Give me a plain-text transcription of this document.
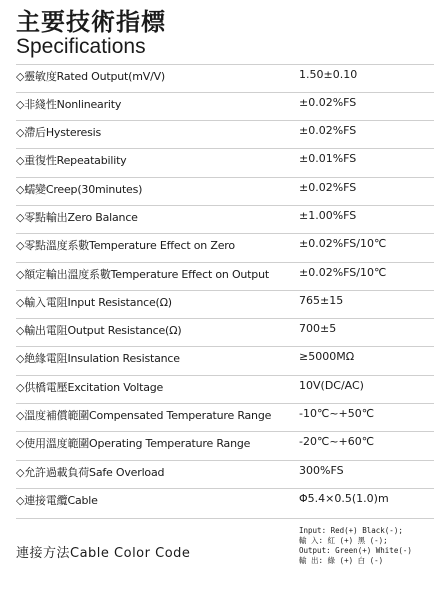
主要技術指標
Specifications
◇靈敏度Rated Output(mV/V)	1.50±0.10
◇非綫性Nonlinearity	±0.02%FS
◇滯后Hysteresis	±0.02%FS
◇重復性Repeatability	±0.01%FS
◇蠕變Creep(30minutes)	±0.02%FS
◇零點輸出Zero Balance	±1.00%FS
◇零點溫度系數Temperature Effect on Zero	±0.02%FS/10℃
◇額定輸出溫度系數Temperature Effect on Output	±0.02%FS/10℃
◇輸入電阻Input Resistance(Ω)	765±15
◇輸出電阻Output Resistance(Ω)	700±5
◇絶緣電阻Insulation Resistance	≥5000MΩ
◇供橋電壓Excitation Voltage	10V(DC/AC)
◇溫度補償範圍Compensated Temperature Range	-10℃~+50℃
◇使用溫度範圍Operating Temperature Range	-20℃~+60℃
◇允許過載負荷Safe Overload	300%FS
◇連接電纜Cable	Φ5.4×0.5(1.0)m
連接方法Cable Color Code
Input: Red(+) Black(-);
輸 入: 紅 (+) 黑 (-);
Output: Green(+) White(-)
輸 出: 綠 (+) 白 (-)
